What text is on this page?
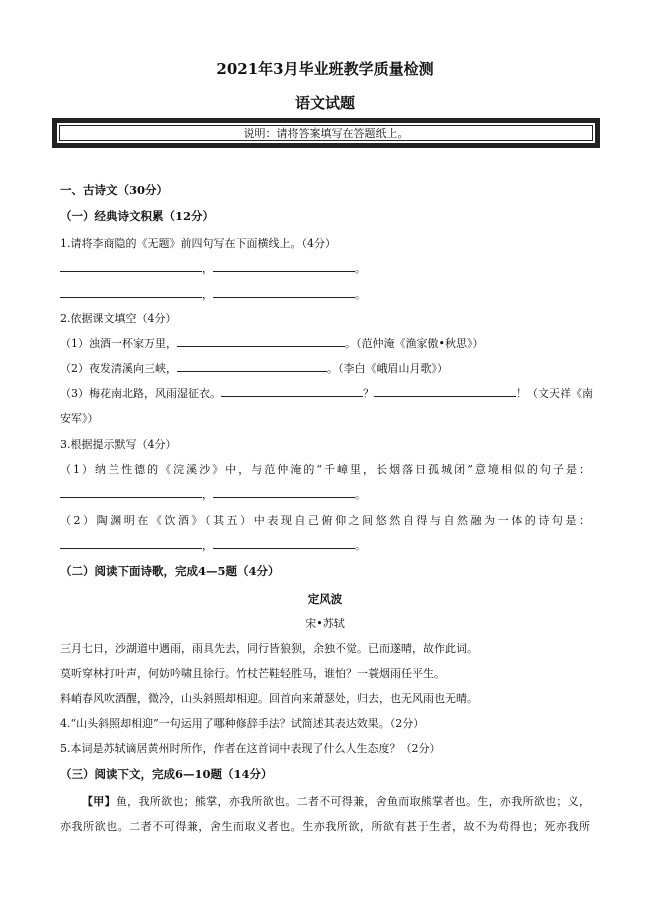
2021年3月毕业班教学质量检测
语文试题
说明：请将答案填写在答题纸上。
一、古诗文（30分）
（一）经典诗文积累（12分）
1.请将李商隐的《无题》前四句写在下面横线上。（4分）
，	。
，	。
2.依据课文填空（4分）
（1）浊酒一杯家万里，	。（范仲淹《渔家傲•秋思》）
（2）夜发清溪向三峡，	。（李白《峨眉山月歌》）
（3）梅花南北路，风雨湿征衣。	？	！（文天祥《南
安军》）
3.根据提示默写（4分）
（1）纳兰性德的《浣溪沙》中，与范仲淹的“千嶂里，长烟落日孤城闭”意境相似的句子是：
，	。
（2）陶渊明在《饮酒》（其五）中表现自己俯仰之间悠然自得与自然融为一体的诗句是：
，	。
（二）阅读下面诗歌，完成4—5题（4分）
定风波
宋•苏轼
三月七日，沙湖道中遇雨，雨具先去，同行皆狼狈，余独不觉。已而遂晴，故作此词。
莫听穿林打叶声，何妨吟啸且徐行。竹杖芒鞋轻胜马，谁怕？一蓑烟雨任平生。
料峭春风吹酒醒，微冷，山头斜照却相迎。回首向来萧瑟处，归去，也无风雨也无晴。
4.“山头斜照却相迎”一句运用了哪种修辞手法？试简述其表达效果。（2分）
5.本词是苏轼谪居黄州时所作，作者在这首词中表现了什么人生态度？（2分）
（三）阅读下文，完成6—10题（14分）
【甲】鱼，我所欲也；熊掌，亦我所欲也。二者不可得兼，舍鱼而取熊掌者也。生，亦我所欲也；义，
亦我所欲也。二者不可得兼，舍生而取义者也。生亦我所欲，所欲有甚于生者，故不为苟得也；死亦我所
